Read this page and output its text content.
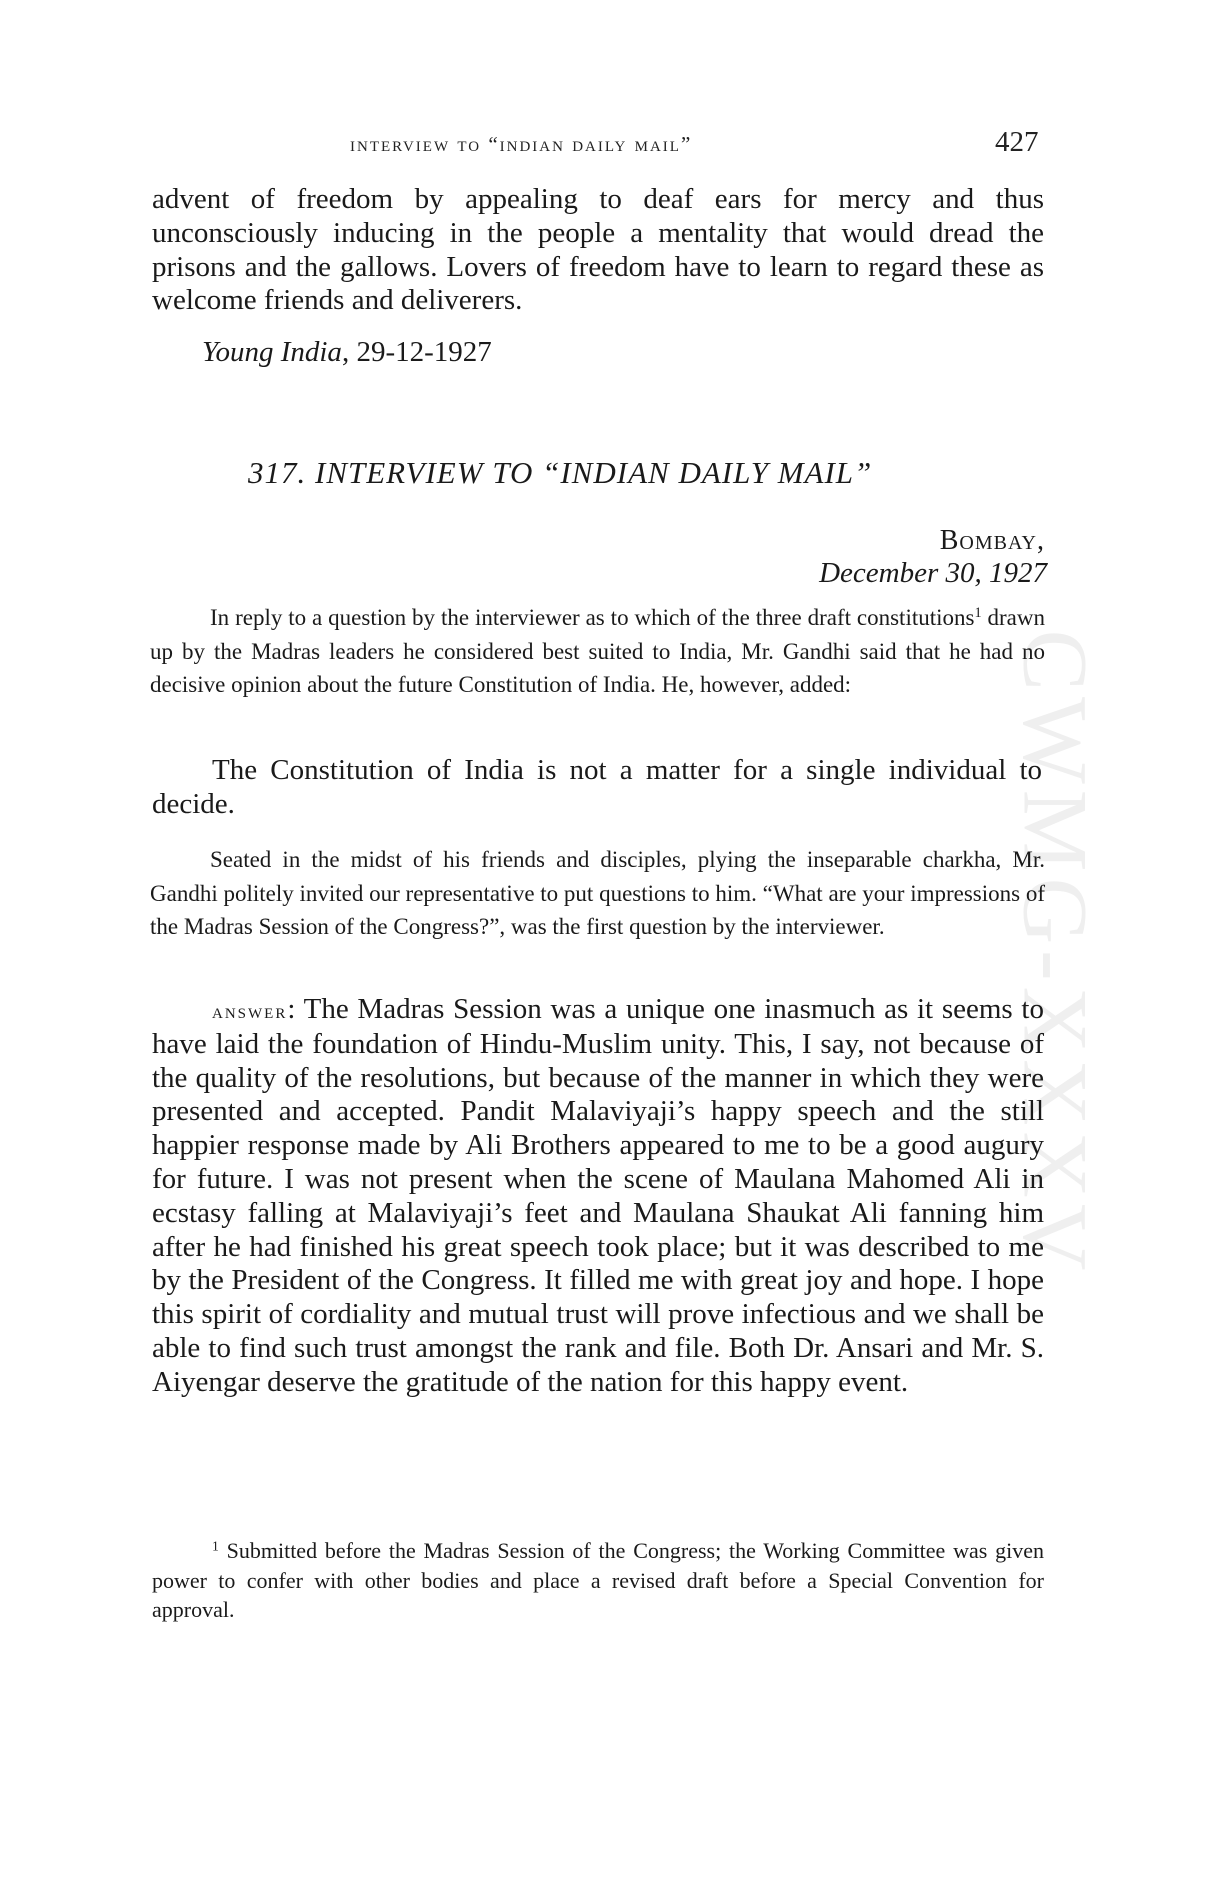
CWMG-XXXV
interview to “indian daily mail”	427

advent of freedom by appealing to deaf ears for mercy and thus unconsciously inducing in the people a mentality that would dread the prisons and the gallows. Lovers of freedom have to learn to regard these as welcome friends and deliverers.

Young India, 29-12-1927
317. INTERVIEW TO “INDIAN DAILY MAIL”
Bombay,
December 30, 1927

In reply to a question by the interviewer as to which of the three draft constitutions$^1$ drawn up by the Madras leaders he considered best suited to India, Mr. Gandhi said that he had no decisive opinion about the future Constitution of India. He, however, added:

The Constitution of India is not a matter for a single individual to decide.

Seated in the midst of his friends and disciples, plying the inseparable charkha, Mr. Gandhi politely invited our representative to put questions to him. “What are your impressions of the Madras Session of the Congress?”, was the first question by the interviewer.

answer: The Madras Session was a unique one inasmuch as it seems to have laid the foundation of Hindu-Muslim unity. This, I say, not because of the quality of the resolutions, but because of the manner in which they were presented and accepted. Pandit Malaviyaji’s happy speech and the still happier response made by Ali Brothers appeared to me to be a good augury for future. I was not present when the scene of Maulana Mahomed Ali in ecstasy falling at Malaviyaji’s feet and Maulana Shaukat Ali fanning him after he had finished his great speech took place; but it was described to me by the President of the Congress. It filled me with great joy and hope. I hope this spirit of cordiality and mutual trust will prove infectious and we shall be able to find such trust amongst the rank and file. Both Dr. Ansari and Mr. S. Aiyengar deserve the gratitude of the nation for this happy event.

$^1$ Submitted before the Madras Session of the Congress; the Working Committee was given power to confer with other bodies and place a revised draft before a Special Convention for approval.
